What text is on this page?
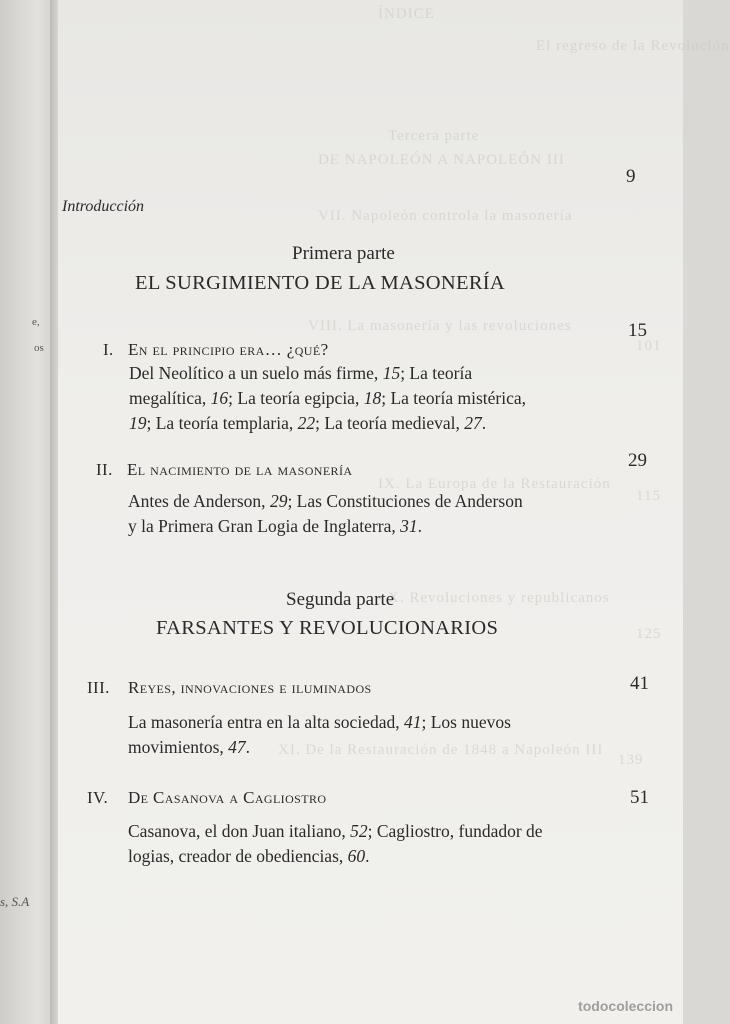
e,
os
s, S.A
ÍNDICE
El regreso de la Revolución
Tercera parte
DE NAPOLEÓN A NAPOLEÓN III
VII. Napoleón controla la masonería
VIII. La masonería y las revoluciones
101
IX. La Europa de la Restauración
115
X. Revoluciones y republicanos
125
XI. De la Restauración de 1848 a Napoleón III
139
Introducción
9
Primera parte
EL SURGIMIENTO DE LA MASONERÍA
I. En el principio era… ¿qué?
15
Del Neolítico a un suelo más firme, 15; La teoría megalítica, 16; La teoría egipcia, 18; La teoría mistérica, 19; La teoría templaria, 22; La teoría medieval, 27.
II. El nacimiento de la masonería	29
Antes de Anderson, 29; Las Constituciones de Anderson y la Primera Gran Logia de Inglaterra, 31.
Segunda parte
FARSANTES Y REVOLUCIONARIOS
III. Reyes, innovaciones e iluminados	41
La masonería entra en la alta sociedad, 41; Los nuevos movimientos, 47.
IV. De Casanova a Cagliostro	51
Casanova, el don Juan italiano, 52; Cagliostro, fundador de logias, creador de obediencias, 60.
todocoleccion
